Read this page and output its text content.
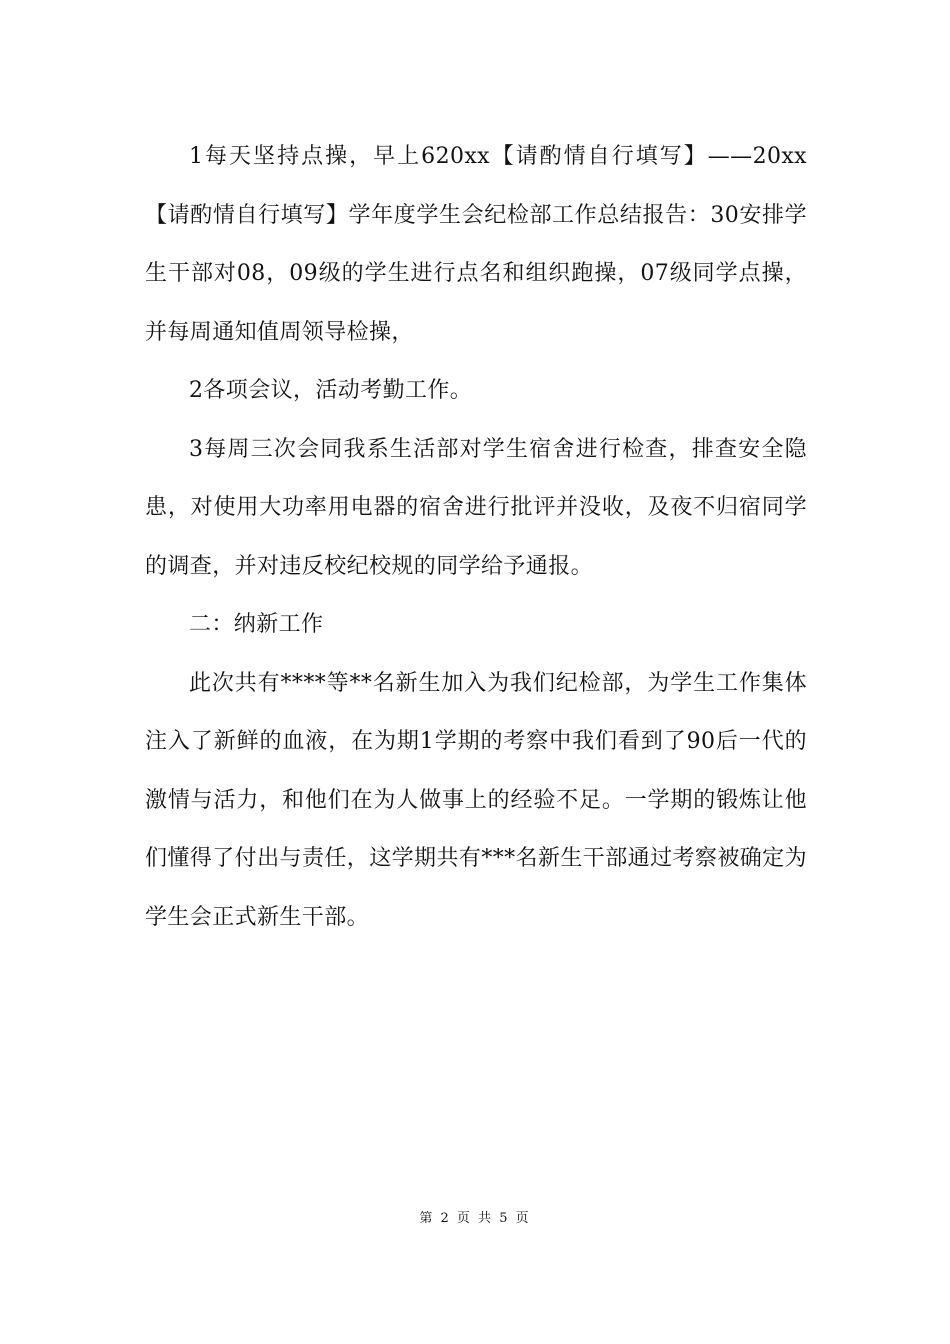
1每天坚持点操，早上620xx【请酌情自行填写】——20xx【请酌情自行填写】学年度学生会纪检部工作总结报告：30安排学生干部对08，09级的学生进行点名和组织跑操，07级同学点操，并每周通知值周领导检操，

2各项会议，活动考勤工作。

3每周三次会同我系生活部对学生宿舍进行检查，排查安全隐患，对使用大功率用电器的宿舍进行批评并没收，及夜不归宿同学的调查，并对违反校纪校规的同学给予通报。

二：纳新工作

此次共有****等**名新生加入为我们纪检部，为学生工作集体注入了新鲜的血液，在为期1学期的考察中我们看到了90后一代的激情与活力，和他们在为人做事上的经验不足。一学期的锻炼让他们懂得了付出与责任，这学期共有***名新生干部通过考察被确定为学生会正式新生干部。

第 2 页 共 5 页
